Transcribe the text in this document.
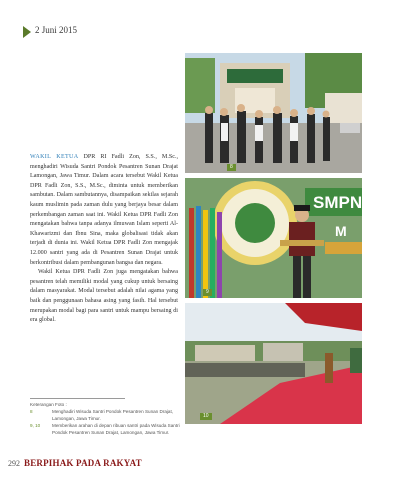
2 Juni 2015
8
SMPN
M
9
10

WAKIL KETUA DPR RI Fadli Zon, S.S., M.Sc., menghadiri Wisuda Santri Pondok Pesantren Sunan Drajat Lamongan, Jawa Timur. Dalam acara tersebut Wakil Ketua DPR Fadli Zon, S.S., M.Sc., diminta untuk memberikan sambutan. Dalam sambutannya, disampaikan sekilas sejarah kaum muslimin pada zaman dulu yang berjaya besar dalam perkembangan zaman saat ini. Wakil Ketua DPR Fadli Zon mengatakan bahwa tanpa adanya ilmuwan Islam seperti Al-Khawarizmi dan Ibnu Sina, maka globalisasi tidak akan terjadi di dunia ini. Wakil Ketua DPR Fadli Zon mengajak 12.000 santri yang ada di Pesantren Sunan Drajat untuk berkontribusi dalam pembangunan bangsa dan negara.

Wakil Ketua DPR Fadli Zon juga mengatakan bahwa pesantren telah memiliki modal yang cukup untuk bersaing dalam masyarakat. Modal tersebut adalah nilai agama yang baik dan penggunaan bahasa asing yang fasih. Hal tersebut merupakan modal bagi para santri untuk mampu bersaing di era global.

Keterangan Foto :
8	Menghadiri Wisuda Santri Pondok Pesantren Sunan Drajat, Lamongan, Jawa Timur.
9, 10	Memberikan arahan di depan ribuan santri pada Wisuda Santri Pondok Pesantren Sunan Drajat, Lamongan, Jawa Timur.
292 BERPIHAK PADA RAKYAT
